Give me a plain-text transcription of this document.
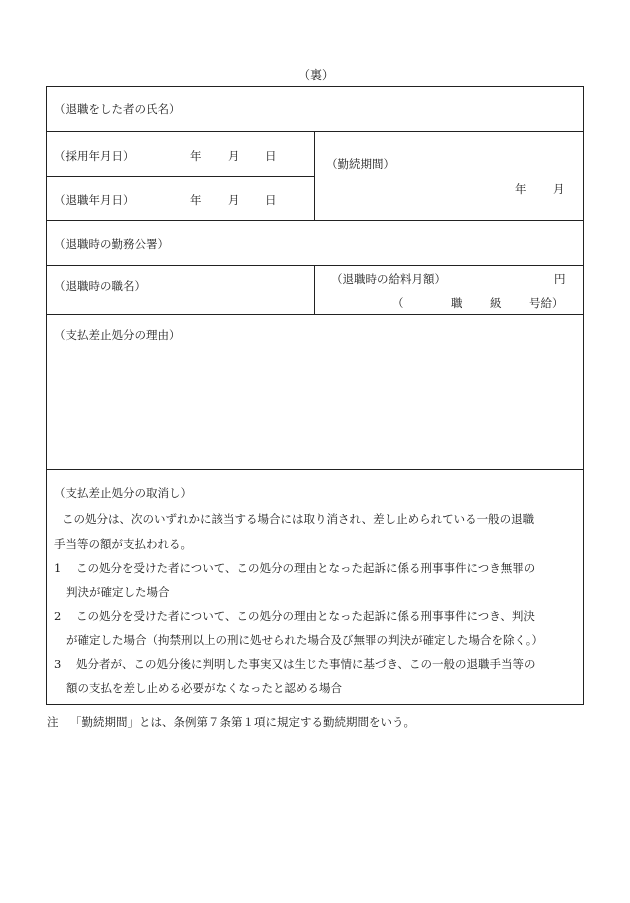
（裏）
（退職をした者の氏名）
（採用年月日）	年 月 日
（退職年月日）	年 月 日
（勤続期間）
年 月
（退職時の勤務公署）
（退職時の職名）	（退職時の給料月額）	円
（	職 級 号給）
（支払差止処分の理由）
（支払差止処分の取消し）
この処分は、次のいずれかに該当する場合には取り消され、差し止められている一般の退職
手当等の額が支払われる。
1 この処分を受けた者について、この処分の理由となった起訴に係る刑事事件につき無罪の
判決が確定した場合
2 この処分を受けた者について、この処分の理由となった起訴に係る刑事事件につき、判決
が確定した場合（拘禁刑以上の刑に処せられた場合及び無罪の判決が確定した場合を除く。）
3 処分者が、この処分後に判明した事実又は生じた事情に基づき、この一般の退職手当等の
額の支払を差し止める必要がなくなったと認める場合
注 「勤続期間」とは、条例第７条第１項に規定する勤続期間をいう。
